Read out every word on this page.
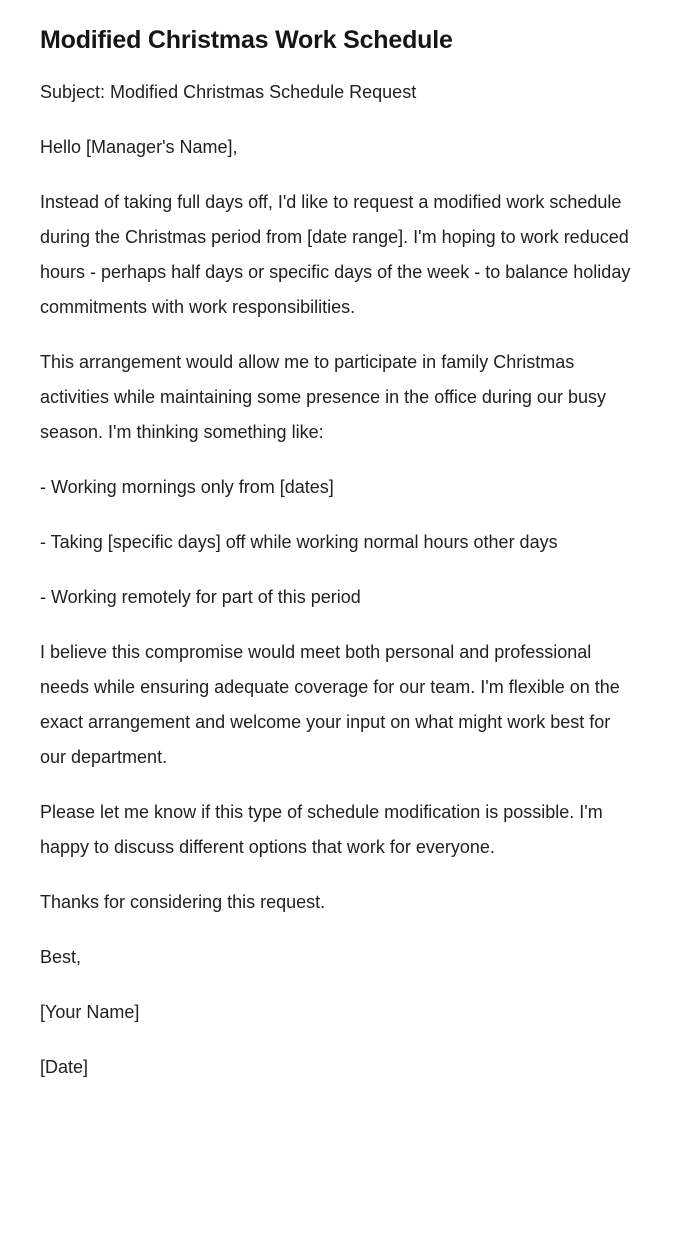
Modified Christmas Work Schedule

Subject: Modified Christmas Schedule Request

Hello [Manager's Name],

Instead of taking full days off, I'd like to request a modified work schedule during the Christmas period from [date range]. I'm hoping to work reduced hours - perhaps half days or specific days of the week - to balance holiday commitments with work responsibilities.

This arrangement would allow me to participate in family Christmas activities while maintaining some presence in the office during our busy season. I'm thinking something like:

- Working mornings only from [dates]

- Taking [specific days] off while working normal hours other days

- Working remotely for part of this period

I believe this compromise would meet both personal and professional needs while ensuring adequate coverage for our team. I'm flexible on the exact arrangement and welcome your input on what might work best for our department.

Please let me know if this type of schedule modification is possible. I'm happy to discuss different options that work for everyone.

Thanks for considering this request.

Best,

[Your Name]

[Date]
